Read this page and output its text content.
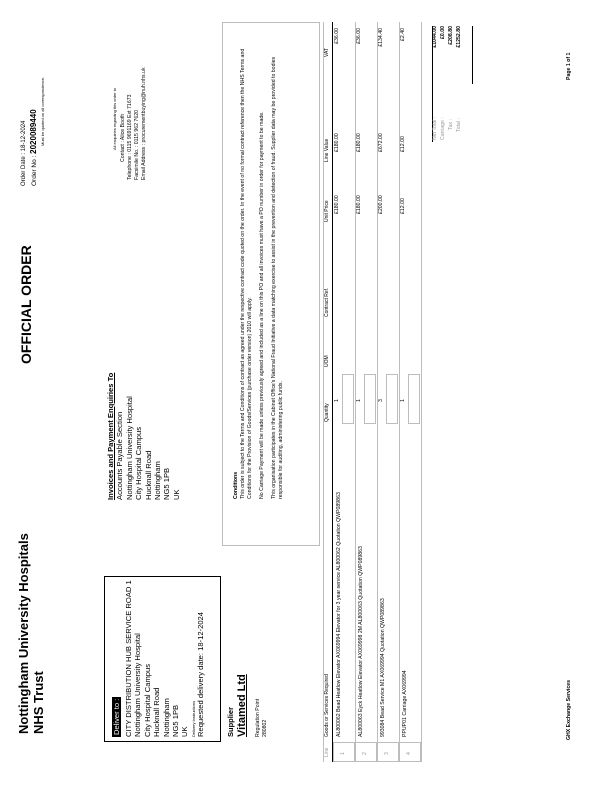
Nottingham University Hospitals NHS Trust
OFFICIAL ORDER
Order Date : 18-12-2024
Order No : 2020089440 Must be quoted on all correspondence.
Deliver to : CITY DISTRIBUTION HUB SERVICE ROAD 1 Nottingham University Hospital City Hospital Campus Hucknall Road Nottingham NG5 1PB UK Delivery Instructions Requested delivery date: 18-12-2024
Supplier Vitamed Ltd Regulation Point 280802
Invoices and Payment Enquiries To Accounts Payable Section Nottingham University Hospital City Hospital Campus Hucknall Road Nottingham NG5 1PB UK
All enquiries regarding this order to Contact : Alice Booth Telephone : 0115 9691169 Ext 71673 Facsimile No. : 0115 962 7620 Email Address : procurementbuying@nuh.nhs.uk

Conditions This order is subject to the Terms and Conditions of contract as agreed under the respective contract code quoted on the order. In the event of no formal contract reference then the NHS Terms and Conditions for the Provision of Goods/Services (purchase order version) 2010 will apply. No Carriage Payment will be made unless previously agreed and included as a line on this PO and all invoices must have a PO number in order for payment to be made. This organisation participates in the Cabinet Office's National Fraud Initiative a data matching exercise to assist in the prevention and detection of fraud. Supplier data may be provided to bodies responsible for auditing, administering public funds.

Line
Goods or Services Required
Quantity
UOM
Contract Ref.
Unit Price
Line Value
VAT
1
AL800062 Bead Heatlow Elevator AX069994 Elevator for 3 year service AL800062 Quotation QWP089863
1
£180.00
£180.00
£36.00
2
AL800063 Eyck Heatlow Elevator AX069998 2M AL800063 Quotation QWP089863
1
£180.00
£180.00
£36.00
3
993084 Bead Service M1 AX069994 Quotation QWP089863
3
£200.00
£672.00
£134.40
4
PPUP01 Carriage AX069994
1
£12.00
£12.00
£2.40
Net Total :
£1044.00
Carriage :
£0.00
Tax :
£208.80
Total :
£1252.80
GHX Exchange Services
Page 1 of 1
